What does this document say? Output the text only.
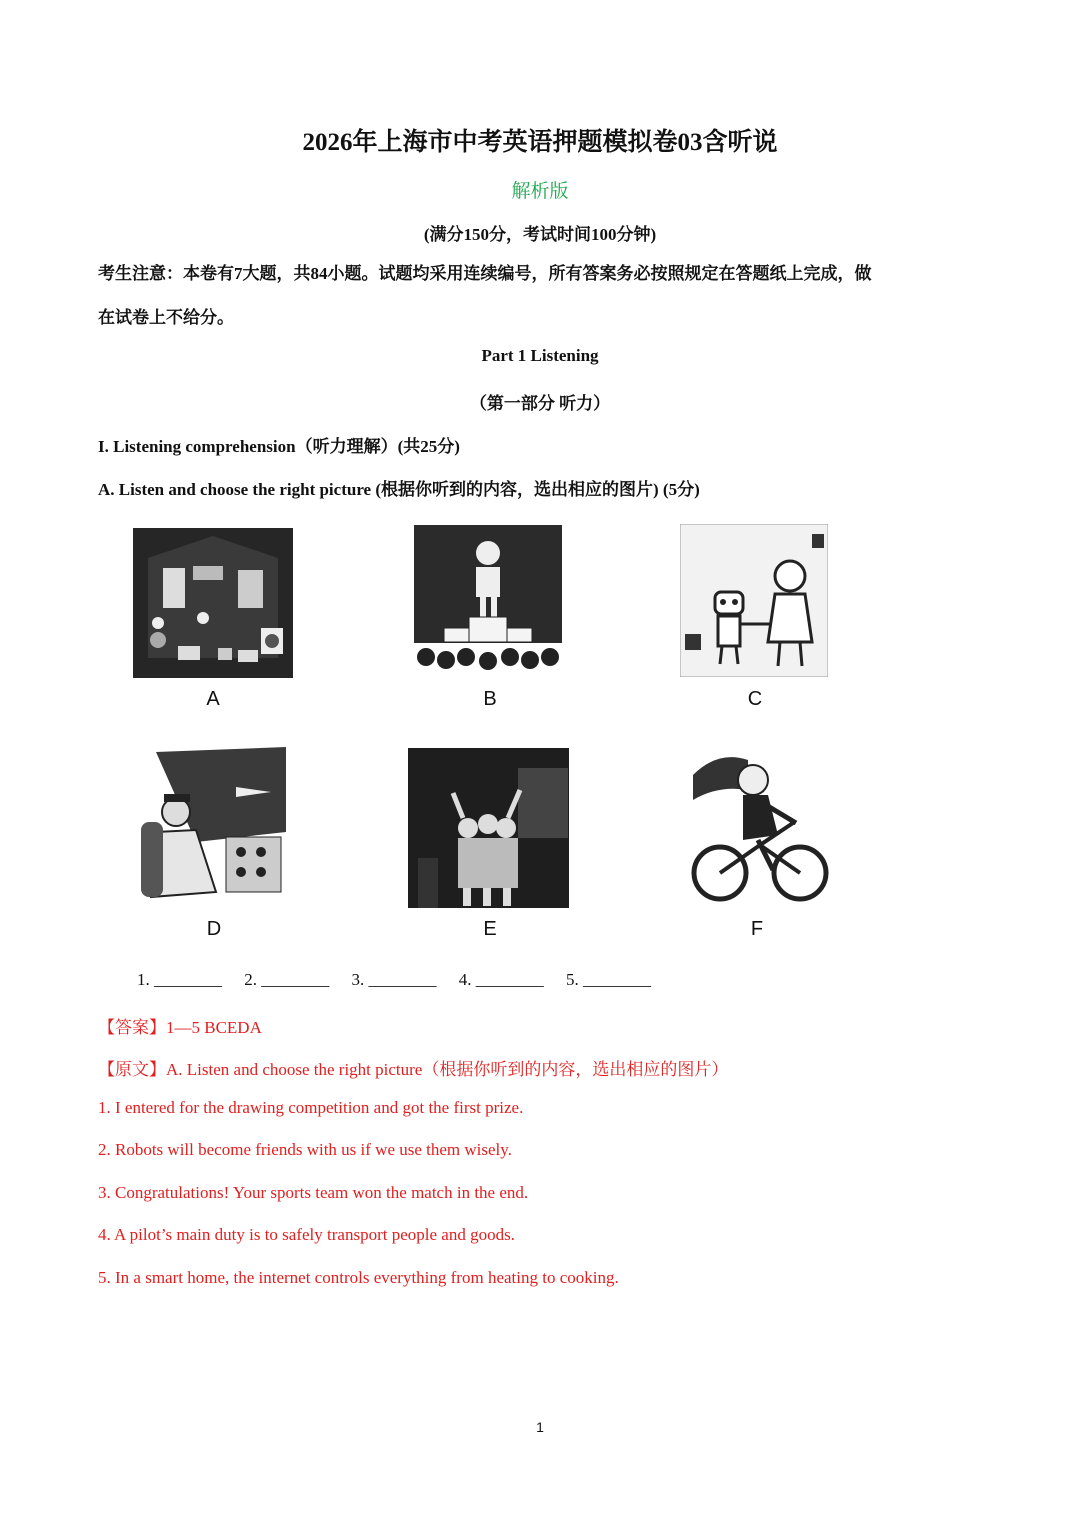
2026年上海市中考英语押题模拟卷03含听说
解析版
(满分150分，考试时间100分钟)
考生注意：本卷有7大题，共84小题。试题均采用连续编号，所有答案务必按照规定在答题纸上完成，做
在试卷上不给分。
Part 1 Listening
（第一部分 听力）
I. Listening comprehension（听力理解）(共25分)
A. Listen and choose the right picture (根据你听到的内容，选出相应的图片) (5分)
A	B	C
D	E	F
1. ________ 2. ________ 3. ________ 4. ________ 5. ________
【答案】1—5 BCEDA
【原文】A. Listen and choose the right picture（根据你听到的内容，选出相应的图片）
1. I entered for the drawing competition and got the first prize.
2. Robots will become friends with us if we use them wisely.
3. Congratulations! Your sports team won the match in the end.
4. A pilot’s main duty is to safely transport people and goods.
5. In a smart home, the internet controls everything from heating to cooking.
1
